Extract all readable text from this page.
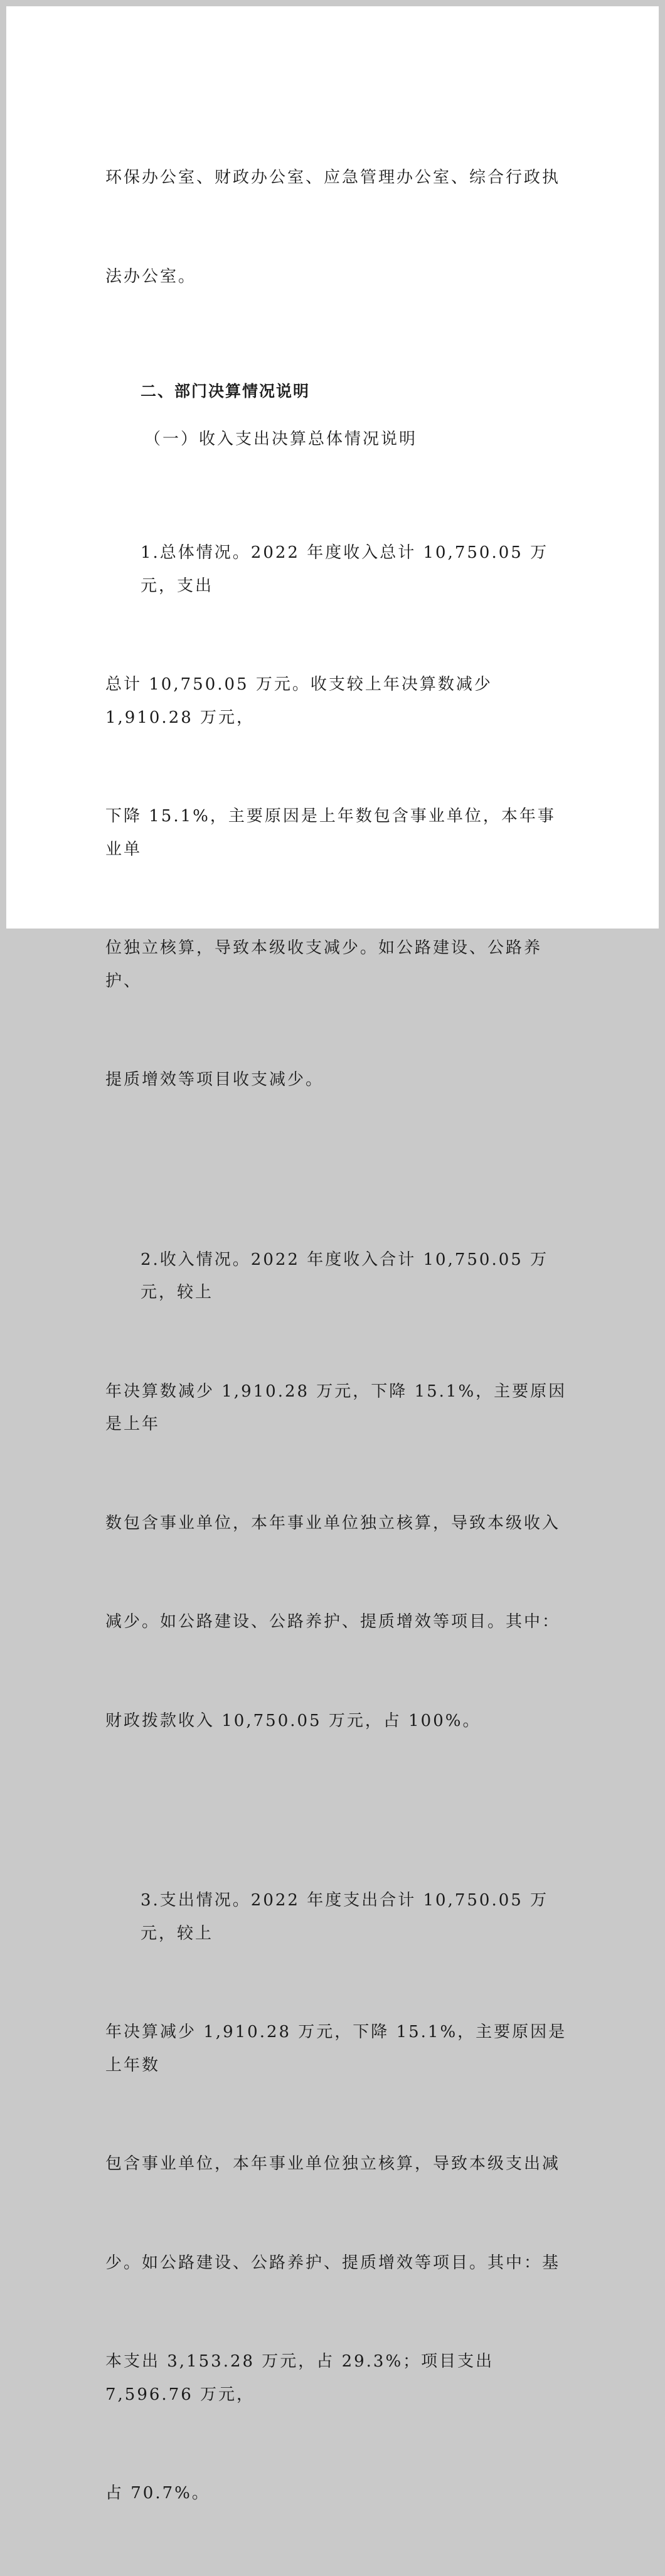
环保办公室、财政办公室、应急管理办公室、综合行政执

法办公室。

二、部门决算情况说明

（一）收入支出决算总体情况说明

1.总体情况。2022 年度收入总计 10,750.05 万元，支出

总计 10,750.05 万元。收支较上年决算数减少 1,910.28 万元，

下降 15.1%，主要原因是上年数包含事业单位，本年事业单

位独立核算，导致本级收支减少。如公路建设、公路养护、

提质增效等项目收支减少。

2.收入情况。2022 年度收入合计 10,750.05 万元，较上

年决算数减少 1,910.28 万元，下降 15.1%，主要原因是上年

数包含事业单位，本年事业单位独立核算，导致本级收入

减少。如公路建设、公路养护、提质增效等项目。其中：

财政拨款收入 10,750.05 万元，占 100%。

3.支出情况。2022 年度支出合计 10,750.05 万元，较上

年决算减少 1,910.28 万元，下降 15.1%，主要原因是上年数

包含事业单位，本年事业单位独立核算，导致本级支出减

少。如公路建设、公路养护、提质增效等项目。其中：基

本支出 3,153.28 万元，占 29.3%；项目支出 7,596.76 万元，

占 70.7%。
